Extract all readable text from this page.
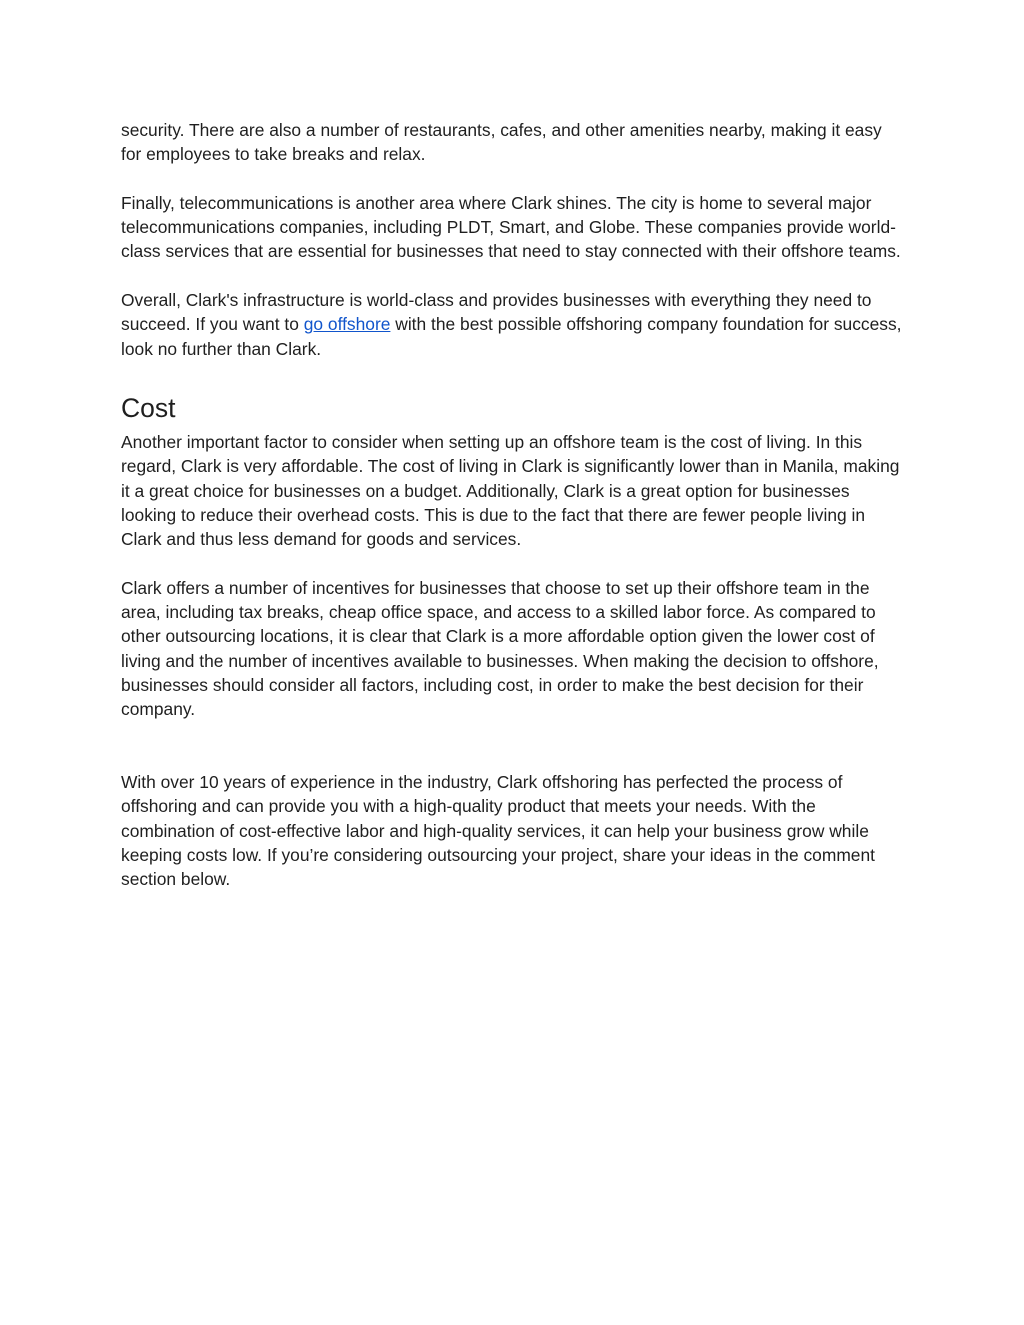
security. There are also a number of restaurants, cafes, and other amenities nearby, making it easy for employees to take breaks and relax.

Finally, telecommunications is another area where Clark shines. The city is home to several major telecommunications companies, including PLDT, Smart, and Globe. These companies provide world-class services that are essential for businesses that need to stay connected with their offshore teams.

Overall, Clark's infrastructure is world-class and provides businesses with everything they need to succeed. If you want to go offshore with the best possible offshoring company foundation for success, look no further than Clark.

Cost

Another important factor to consider when setting up an offshore team is the cost of living. In this regard, Clark is very affordable. The cost of living in Clark is significantly lower than in Manila, making it a great choice for businesses on a budget. Additionally, Clark is a great option for businesses looking to reduce their overhead costs. This is due to the fact that there are fewer people living in Clark and thus less demand for goods and services.

Clark offers a number of incentives for businesses that choose to set up their offshore team in the area, including tax breaks, cheap office space, and access to a skilled labor force. As compared to other outsourcing locations, it is clear that Clark is a more affordable option given the lower cost of living and the number of incentives available to businesses. When making the decision to offshore, businesses should consider all factors, including cost, in order to make the best decision for their company.

With over 10 years of experience in the industry, Clark offshoring has perfected the process of offshoring and can provide you with a high-quality product that meets your needs. With the combination of cost-effective labor and high-quality services, it can help your business grow while keeping costs low. If you’re considering outsourcing your project, share your ideas in the comment section below.
